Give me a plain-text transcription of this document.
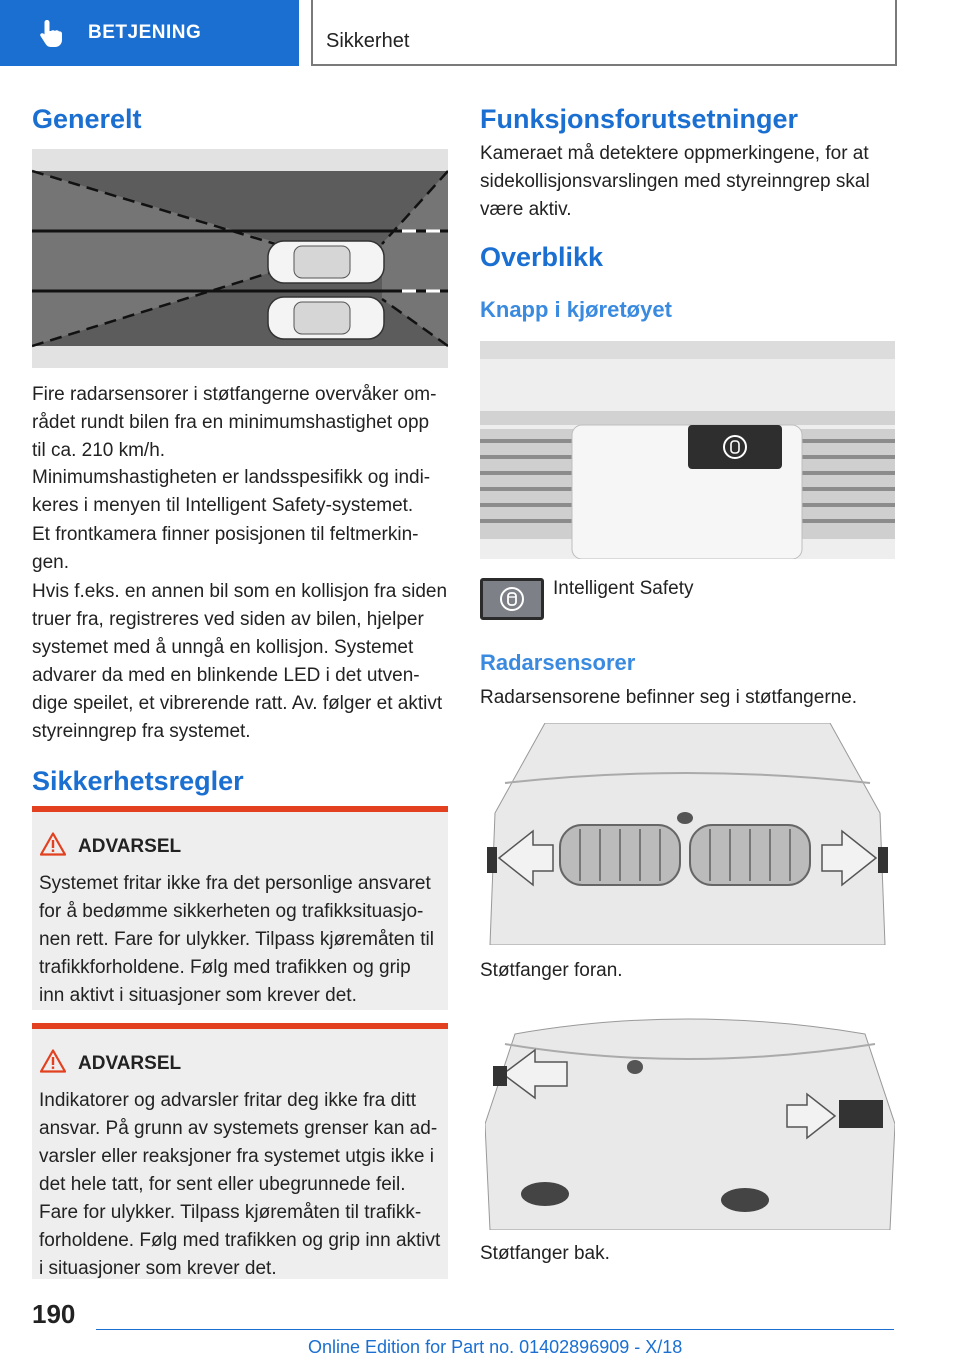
BETJENING	Sikkerhet
Generelt

Fire radarsensorer i støtfangerne overvåker om-
rådet rundt bilen fra en minimumshastighet opp
til ca. 210 km/h.

Minimumshastigheten er landsspesifikk og indi-
keres i menyen til Intelligent Safety-systemet.

Et frontkamera finner posisjonen til feltmerkin-
gen.

Hvis f.eks. en annen bil som en kollisjon fra siden
truer fra, registreres ved siden av bilen, hjelper
systemet med å unngå en kollisjon. Systemet
advarer da med en blinkende LED i det utven-
dige speilet, et vibrerende ratt. Av. følger et aktivt
styreinngrep fra systemet.

Sikkerhetsregler
ADVARSEL

Systemet fritar ikke fra det personlige ansvaret
for å bedømme sikkerheten og trafikksituasjo-
nen rett. Fare for ulykker. Tilpass kjøremåten til
trafikkforholdene. Følg med trafikken og grip
inn aktivt i situasjoner som krever det.

ADVARSEL

Indikatorer og advarsler fritar deg ikke fra ditt
ansvar. På grunn av systemets grenser kan ad-
varsler eller reaksjoner fra systemet utgis ikke i
det hele tatt, for sent eller ubegrunnede feil.
Fare for ulykker. Tilpass kjøremåten til trafikk-
forholdene. Følg med trafikken og grip inn aktivt
i situasjoner som krever det.

Funksjonsforutsetninger

Kameraet må detektere oppmerkingene, for at
sidekollisjonsvarslingen med styreinngrep skal
være aktiv.

Overblikk
Knapp i kjøretøyet

Intelligent Safety

Radarsensorer

Radarsensorene befinner seg i støtfangerne.

Støtfanger foran.

Støtfanger bak.

190
Online Edition for Part no. 01402896909 - X/18
